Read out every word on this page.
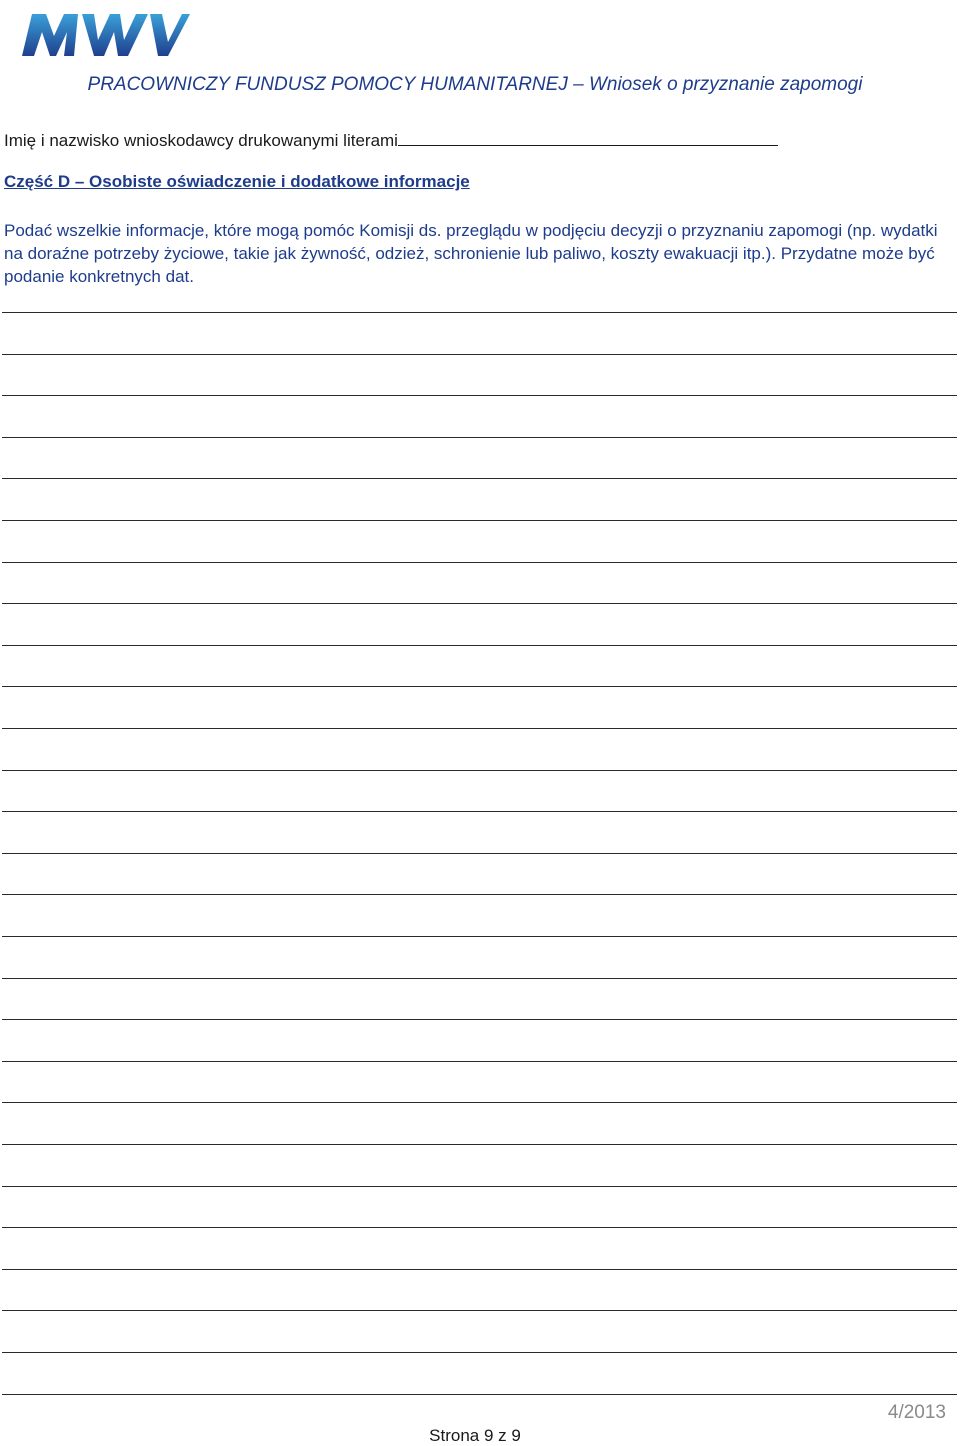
PRACOWNICZY FUNDUSZ POMOCY HUMANITARNEJ – Wniosek o przyznanie zapomogi
Imię i nazwisko wnioskodawcy drukowanymi literami
Część D – Osobiste oświadczenie i dodatkowe informacje
Podać wszelkie informacje, które mogą pomóc Komisji ds. przeglądu w podjęciu decyzji o przyznaniu zapomogi (np. wydatki na doraźne potrzeby życiowe, takie jak żywność, odzież, schronienie lub paliwo, koszty ewakuacji itp.). Przydatne może być podanie konkretnych dat.
Strona 9 z 9
4/2013
